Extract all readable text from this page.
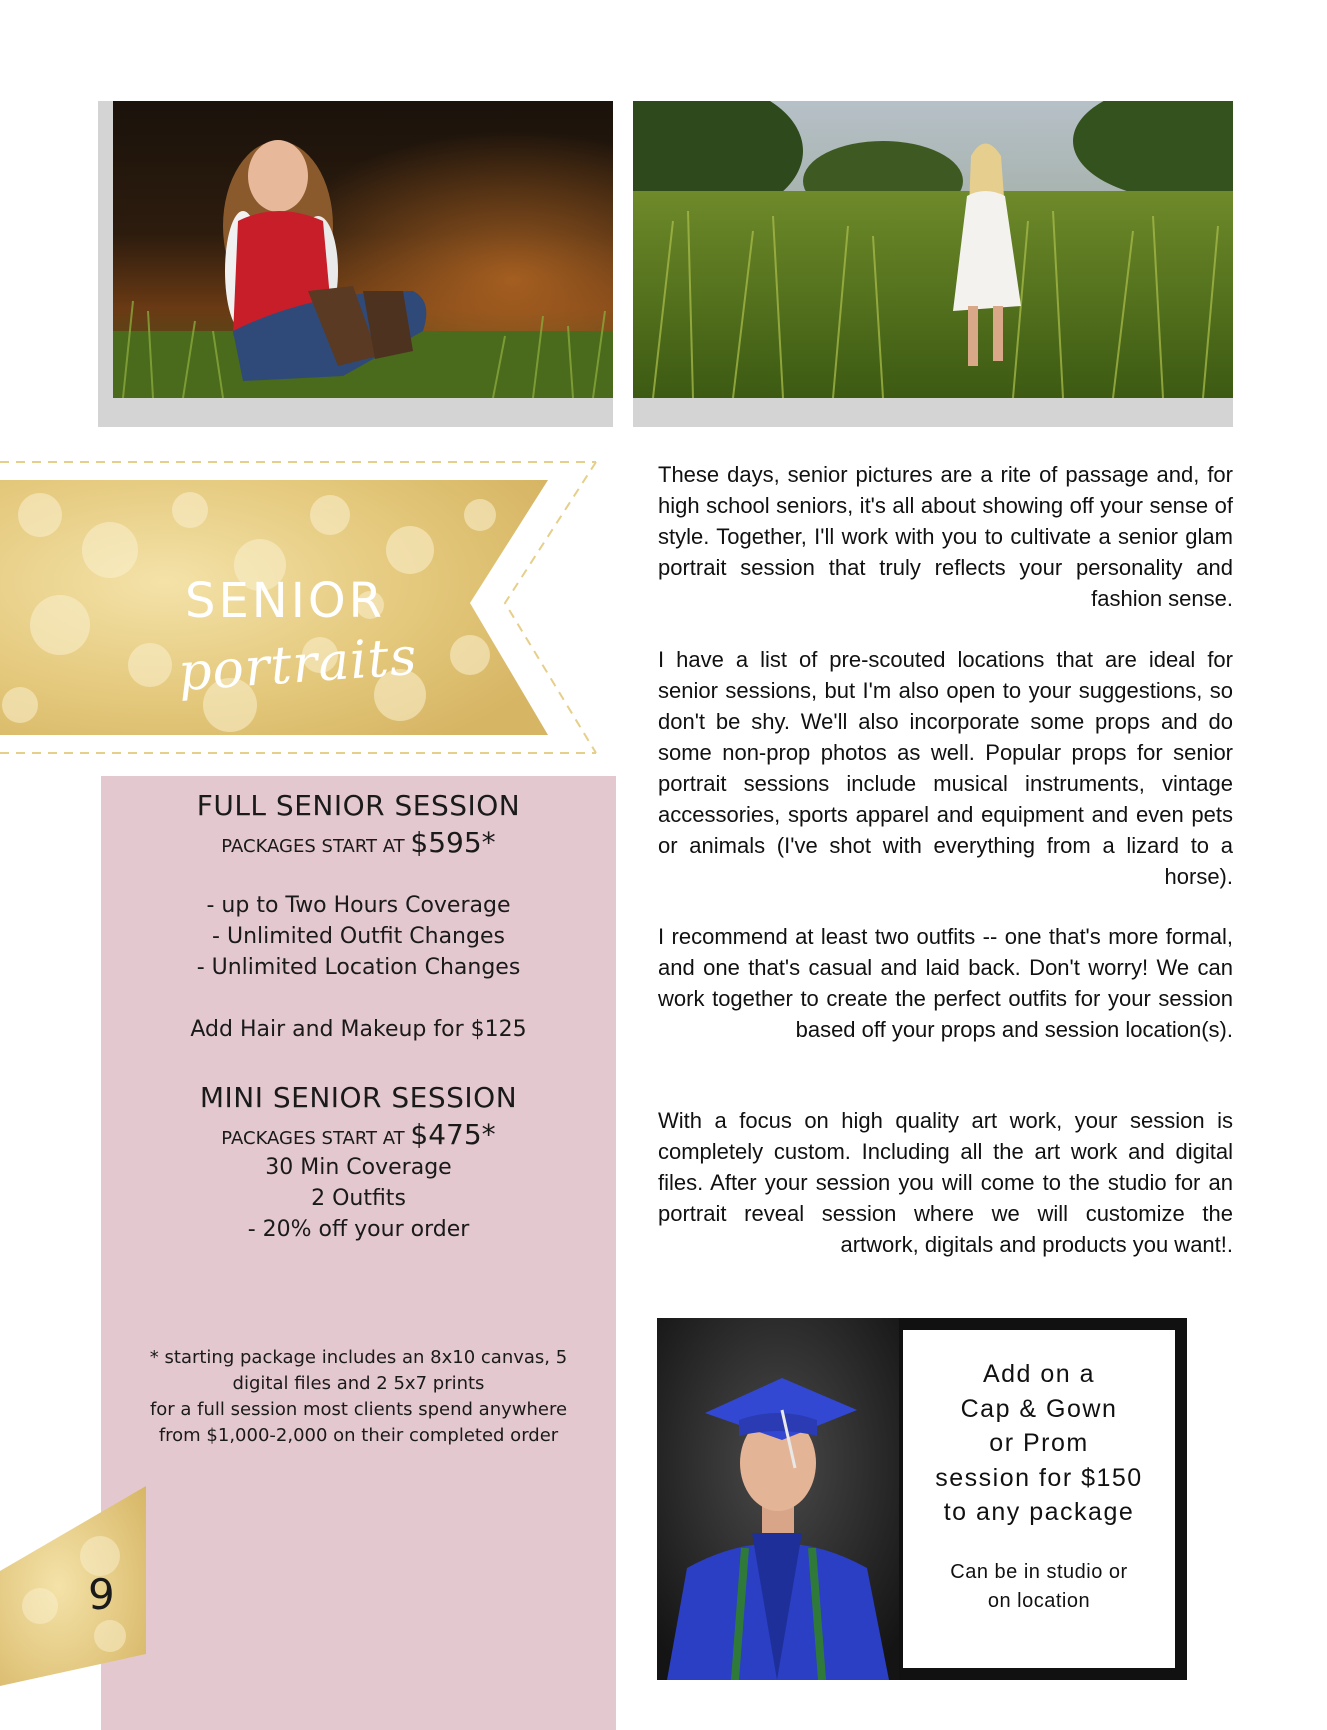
SENIOR
portraits
FULL SENIOR SESSION
PACKAGES START AT $595*
- up to Two Hours Coverage
- Unlimited Outfit Changes
- Unlimited Location Changes
Add Hair and Makeup for $125
MINI SENIOR SESSION
PACKAGES START AT $475*
30 Min Coverage
2 Outfits
- 20% off your order
* starting package includes an 8x10 canvas, 5
digital files and 2 5x7 prints
for a full session most clients spend anywhere
from $1,000-2,000 on their completed order
9
These days, senior pictures are a rite of passage and, for high school seniors, it's all about showing off your sense of style. Together, I'll work with you to cultivate a senior glam portrait session that truly reflects your personality and fashion sense.
I have a list of pre-scouted locations that are ideal for senior sessions, but I'm also open to your suggestions, so don't be shy. We'll also incorporate some props and do some non-prop photos as well. Popular props for senior portrait sessions include musical instruments, vintage accessories, sports apparel and equipment and even pets or animals (I've shot with everything from a lizard to a horse).
I recommend at least two outfits -- one that's more formal, and one that's casual and laid back. Don't worry! We can work together to create the perfect outfits for your session based off your props and session location(s).
With a focus on high quality art work, your session is completely custom. Including all the art work and digital files. After your session you will come to the studio for an portrait reveal session where we will customize the artwork, digitals and products you want!.
Add on a
Cap & Gown
or Prom
session for $150
to any package
Can be in studio or
on location
